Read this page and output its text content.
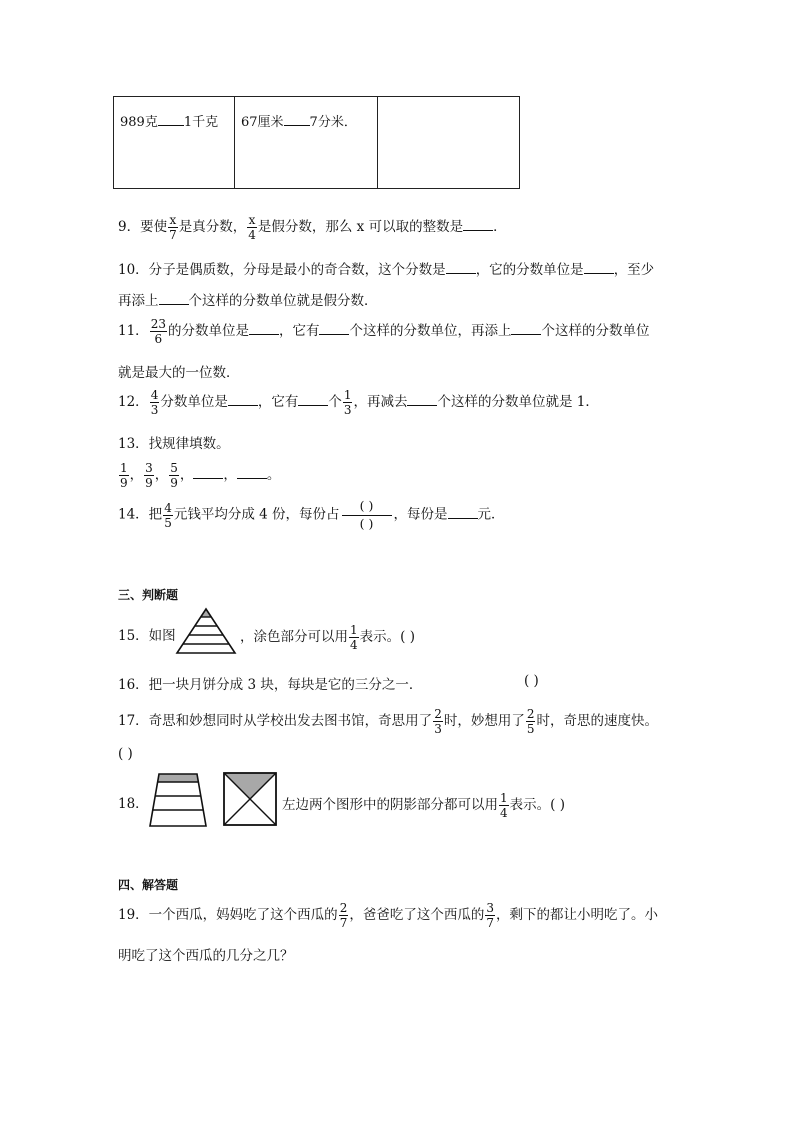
989克 1千克	67厘米 7分米．	
9．要使 $\frac{x}{7}$ 是真分数， $\frac{x}{4}$ 是假分数，那么 x 可以取的整数是 ．
10．分子是偶质数，分母是最小的奇合数，这个分数是 ，它的分数单位是 ，至少
再添上 个这样的分数单位就是假分数．
11． $\frac{23}{6}$ 的分数单位是 ，它有 个这样的分数单位，再添上 个这样的分数单位
就是最大的一位数．
12． $\frac{4}{3}$ 分数单位是 ，它有 个 $\frac{1}{3}$ ，再减去 个这样的分数单位就是 1．
13．找规律填数。
$\frac{1}{9}$ ， $\frac{3}{9}$ ， $\frac{5}{9}$ ， ， 。
14．把 $\frac{4}{5}$ 元钱平均分成 4 份，每份占 $\frac{( )}{( )}$ ，每份是 元．
三、判断题
15．如图	，涂色部分可以用 $\frac{1}{4}$ 表示。( )
16．把一块月饼分成 3 块，每块是它的三分之一．	( )
17．奇思和妙想同时从学校出发去图书馆，奇思用了 $\frac{2}{3}$ 时，妙想用了 $\frac{2}{5}$ 时，奇思的速度快。
( )
18．	左边两个图形中的阴影部分都可以用 $\frac{1}{4}$ 表示。( )
四、解答题
19．一个西瓜，妈妈吃了这个西瓜的 $\frac{2}{7}$ ，爸爸吃了这个西瓜的 $\frac{3}{7}$ ，剩下的都让小明吃了。小
明吃了这个西瓜的几分之几？
